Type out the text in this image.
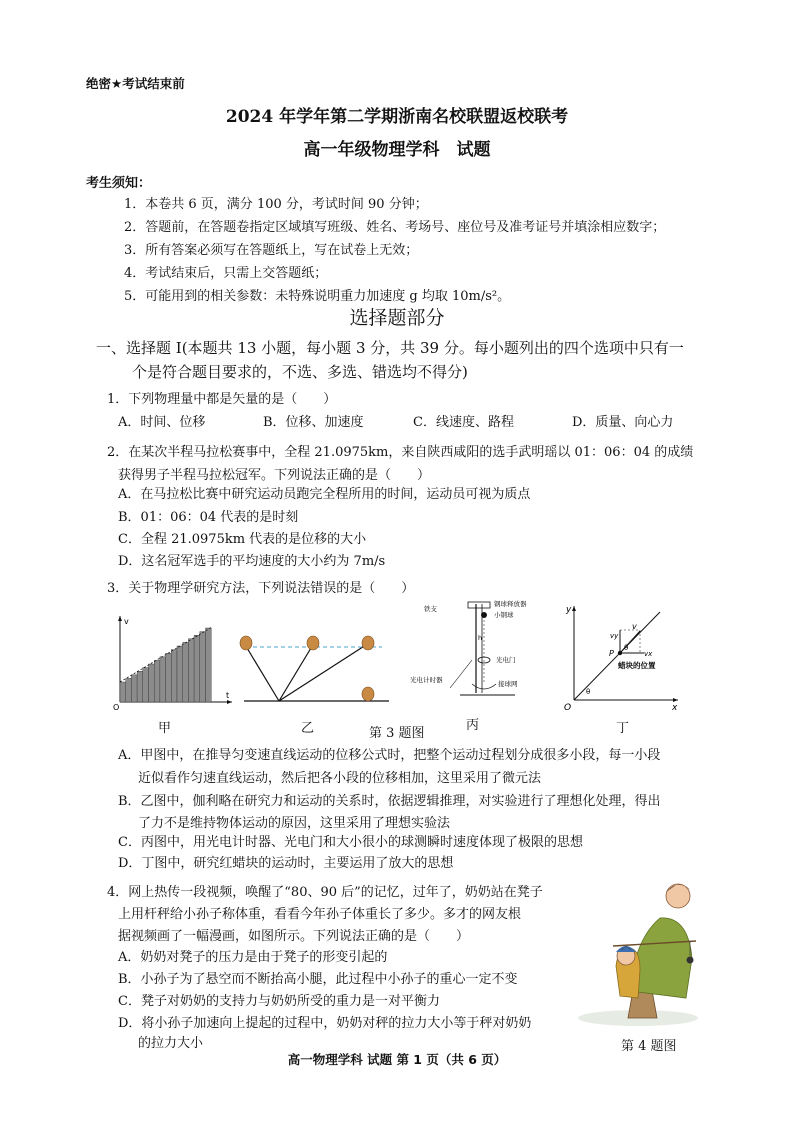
绝密★考试结束前
2024 年学年第二学期浙南名校联盟返校联考
高一年级物理学科　试题
考生须知：
1．本卷共 6 页，满分 100 分，考试时间 90 分钟；
2．答题前，在答题卷指定区域填写班级、姓名、考场号、座位号及准考证号并填涂相应数字；
3．所有答案必须写在答题纸上，写在试卷上无效；
4．考试结束后，只需上交答题纸；
5．可能用到的相关参数：未特殊说明重力加速度 g 均取 10m/s²。
选择题部分
一、选择题 I(本题共 13 小题，每小题 3 分，共 39 分。每小题列出的四个选项中只有一
个是符合题目要求的，不选、多选、错选均不得分)
1．下列物理量中都是矢量的是（　　）
A．时间、位移	B．位移、加速度	C．线速度、路程	D．质量、向心力
2．在某次半程马拉松赛事中，全程 21.0975km，来自陕西咸阳的选手武明瑶以 01：06：04 的成绩
获得男子半程马拉松冠军。下列说法正确的是（　　）
A．在马拉松比赛中研究运动员跑完全程所用的时间，运动员可视为质点
B．01：06：04 代表的是时刻
C．全程 21.0975km 代表的是位移的大小
D．这名冠军选手的平均速度的大小约为 7m/s
3．关于物理学研究方法，下列说法错误的是（　　）
v
t
O
铁支
钢球释放器
小钢球
h
光电门
接球网
光电计时器
y
x
O
P
v
vy
vx
θ
θ
蜡块的位置
甲	乙	第 3 题图
丙	丁
A．甲图中，在推导匀变速直线运动的位移公式时，把整个运动过程划分成很多小段，每一小段
近似看作匀速直线运动，然后把各小段的位移相加，这里采用了微元法
B．乙图中，伽利略在研究力和运动的关系时，依据逻辑推理，对实验进行了理想化处理，得出
了力不是维持物体运动的原因，这里采用了理想实验法
C．丙图中，用光电计时器、光电门和大小很小的球测瞬时速度体现了极限的思想
D．丁图中，研究红蜡块的运动时，主要运用了放大的思想
4．网上热传一段视频，唤醒了“80、90 后”的记忆，过年了，奶奶站在凳子
上用杆秤给小孙子称体重，看看今年孙子体重长了多少。多才的网友根
据视频画了一幅漫画，如图所示。下列说法正确的是（　　）
A．奶奶对凳子的压力是由于凳子的形变引起的
B．小孙子为了悬空而不断抬高小腿，此过程中小孙子的重心一定不变
C．凳子对奶奶的支持力与奶奶所受的重力是一对平衡力
D．将小孙子加速向上提起的过程中，奶奶对秤的拉力大小等于秤对奶奶
的拉力大小	第 4 题图
高一物理学科 试题 第 1 页（共 6 页）
